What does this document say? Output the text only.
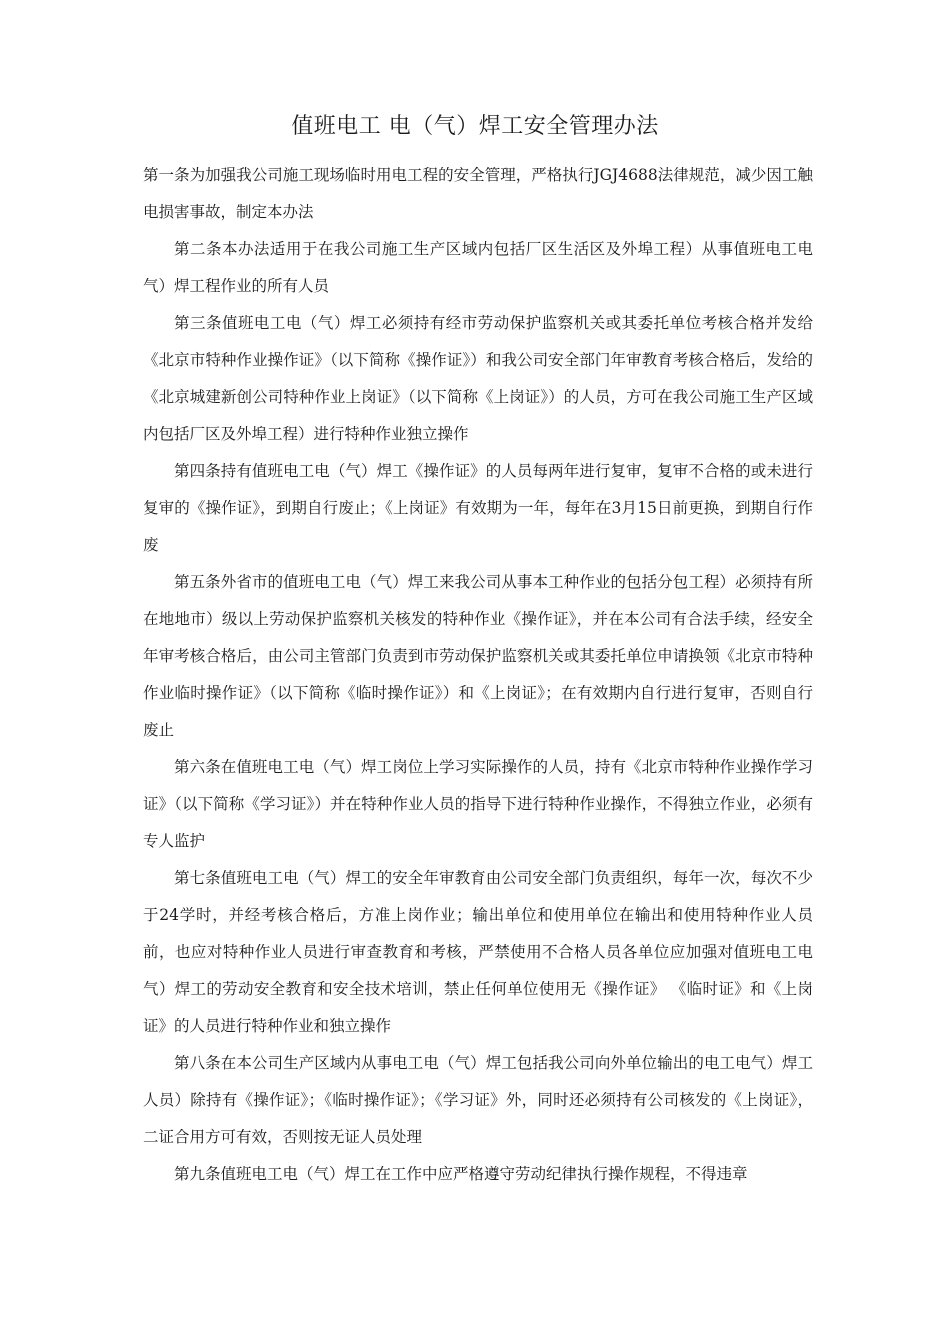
值班电工 电（气）焊工安全管理办法

第一条为加强我公司施工现场临时用电工程的安全管理，严格执行JGJ4688法律规范，减少因工触电损害事故，制定本办法

第二条本办法适用于在我公司施工生产区域内包括厂区生活区及外埠工程）从事值班电工电气）焊工程作业的所有人员

第三条值班电工电（气）焊工必须持有经市劳动保护监察机关或其委托单位考核合格并发给《北京市特种作业操作证》（以下简称《操作证》）和我公司安全部门年审教育考核合格后，发给的《北京城建新创公司特种作业上岗证》（以下简称《上岗证》）的人员，方可在我公司施工生产区域内包括厂区及外埠工程）进行特种作业独立操作

第四条持有值班电工电（气）焊工《操作证》的人员每两年进行复审，复审不合格的或未进行复审的《操作证》，到期自行废止；《上岗证》有效期为一年，每年在3月15日前更换，到期自行作废

第五条外省市的值班电工电（气）焊工来我公司从事本工种作业的包括分包工程）必须持有所在地地市）级以上劳动保护监察机关核发的特种作业《操作证》，并在本公司有合法手续，经安全年审考核合格后，由公司主管部门负责到市劳动保护监察机关或其委托单位申请换领《北京市特种作业临时操作证》（以下简称《临时操作证》）和《上岗证》；在有效期内自行进行复审，否则自行废止

第六条在值班电工电（气）焊工岗位上学习实际操作的人员，持有《北京市特种作业操作学习证》（以下简称《学习证》）并在特种作业人员的指导下进行特种作业操作，不得独立作业，必须有专人监护

第七条值班电工电（气）焊工的安全年审教育由公司安全部门负责组织，每年一次，每次不少于24学时，并经考核合格后，方准上岗作业；输出单位和使用单位在输出和使用特种作业人员前，也应对特种作业人员进行审查教育和考核，严禁使用不合格人员各单位应加强对值班电工电气）焊工的劳动安全教育和安全技术培训，禁止任何单位使用无《操作证》 《临时证》和《上岗证》的人员进行特种作业和独立操作

第八条在本公司生产区域内从事电工电（气）焊工包括我公司向外单位输出的电工电气）焊工人员）除持有《操作证》；《临时操作证》；《学习证》外，同时还必须持有公司核发的《上岗证》，二证合用方可有效，否则按无证人员处理

第九条值班电工电（气）焊工在工作中应严格遵守劳动纪律执行操作规程，不得违章
